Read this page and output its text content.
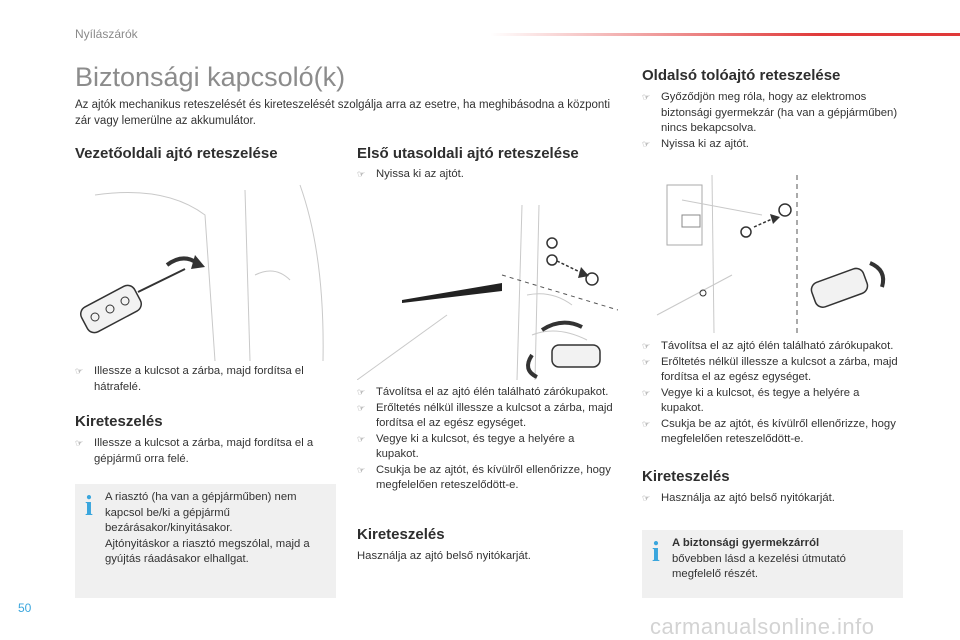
Nyílászárók
Biztonsági kapcsoló(k)
Az ajtók mechanikus reteszelését és kireteszelését szolgálja arra az esetre, ha meghibásodna a központi zár vagy lemerülne az akkumulátor.
Vezetőoldali ajtó reteszelése
☞ Illessze a kulcsot a zárba, majd fordítsa el hátrafelé.
Kireteszelés
☞ Illessze a kulcsot a zárba, majd fordítsa el a gépjármű orra felé.
i A riasztó (ha van a gépjárműben) nem kapcsol be/ki a gépjármű bezárásakor/kinyitásakor.
Ajtónyitáskor a riasztó megszólal, majd a gyújtás ráadásakor elhallgat.
Első utasoldali ajtó reteszelése
☞ Nyissa ki az ajtót.
☞ Távolítsa el az ajtó élén található zárókupakot.
☞ Erőltetés nélkül illessze a kulcsot a zárba, majd fordítsa el az egész egységet.
☞ Vegye ki a kulcsot, és tegye a helyére a kupakot.
☞ Csukja be az ajtót, és kívülről ellenőrizze, hogy megfelelően reteszelődött-e.
Kireteszelés
Használja az ajtó belső nyitókarját.
Oldalsó tolóajtó reteszelése
☞ Győződjön meg róla, hogy az elektromos biztonsági gyermekzár (ha van a gépjárműben) nincs bekapcsolva.
☞ Nyissa ki az ajtót.
☞ Távolítsa el az ajtó élén található zárókupakot.
☞ Erőltetés nélkül illessze a kulcsot a zárba, majd fordítsa el az egész egységet.
☞ Vegye ki a kulcsot, és tegye a helyére a kupakot.
☞ Csukja be az ajtót, és kívülről ellenőrizze, hogy megfelelően reteszelődött-e.
Kireteszelés
☞ Használja az ajtó belső nyitókarját.
i A biztonsági gyermekzárról
bővebben lásd a kezelési útmutató megfelelő részét.
50
carmanualsonline.info
